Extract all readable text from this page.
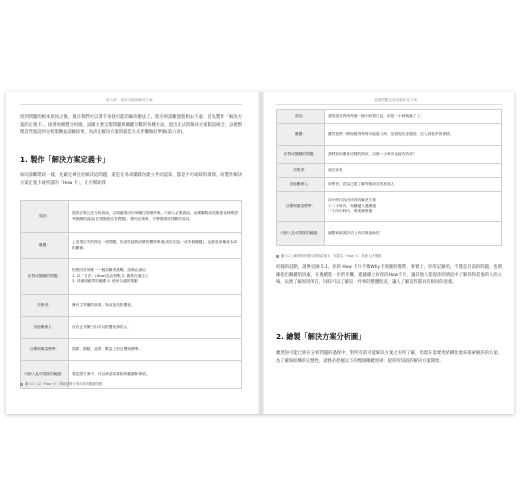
第五章：善用可能的解決方案
找到問題的根本原因之後，現在我們可以著手尋找可能的解決辦法了。程序與診斷過程相去不遠：首先製作「解決方案的定義卡」，接著再繪製分析圖，試圖主要呈現問題與關鍵分數的各種方法，提出正式的解決方案假設組合，以便整理這些假設的分析架構並試驗結果，為決定解決方案的最佳方式步驟做好準備(第六章)。
1. 製作「解決方案定義卡」
如同診斷階段一樣，先確定專注於解決這問題，還是在尋求團隊內建立共同認知，都是不可或缺的環節。而製作解決方案定義卡或所謂的「How 卡」，正可幫助我
現況：	提供必要且充分的資訊，以明確指出你所關注的哪些事。只納入必要資訊，這樣團隊成員無需花時間思考無關的資訊(在現階段沒有問題)，僅列出事實，不帶情緒或判斷性用詞。
難題：	上述現空中的特定一項問題，你卻你能夠改變的獨特事項(成於因為一或多個關鍵)，也就是某種成本或的關係。
針對或關鍵的問題：	你想回答的唯一一個診斷者挑戰。請務必滿足：
1. 以「方法」(How)為出發點 2. 聚焦在過去上
3. 具備明確界的範圍 4. 使用合適的措辭
決策者：	擁有主導權的事業，與直接受影響者。
其他關係人：	沒有正式權力但可以影響這事的人。
目標與衡量標準：	預算、期限、品質、數量上的目標與標準。
可納入及可排除的範圍：	要認證方案中，可以承諾或排除的範圍和事項。
圖 5.1 | 以「How 卡」開始展開方案或者的關鍵問題
善做問題並找出最佳化方案
現況：	我的朋友利用每個一個小時寫日記，但是一小時就滿了了。
難題：	雖然我們一開始覺得每時可能進入時，但我現在卻感到，沒入到很多的事情。
針對或關鍵的問題：	我們如何避免這樣的情況，以便一小時內也能有效率？
決策者：	朋友家長
其他關係人：	和學者，認為已經了解每個朋友的其他人
目標與衡量標準：	四小時內找出所有的解決方案
十二小時內，與關鍵人選溝通
二十四小時內，與業務實施
可納入及可排除的範圍：	調整和資源評估上有同事協助的
圖 5.2 | 範例的時間安排的結果卡，你要以「How 卡」來進入決策點
約翰的話動，請參見圖 5.1。你的 How 卡片不像Why卡那麼的實際，事實上，你所記錄的，不僅是目前的問題，也明確指出關鍵的因素，在後續進一步的步驟，建議確立好你的How卡片，讓其他人能從你的情況中了解你和其他的人的立場，以便了解原因所在，同時可以了解這一件事的整體狀況，讓人了解這些都具有相同的意義。
2. 繪製「解決方案分析圖」
雖然你可能已經在分析問題的過程中，對所有的可能解決方案之有所了解，但現在需要更結構化地來探索解決的方案。為了確保結構的完整性，請務必把握以下的幾個關鍵原則：從你所知道的解決方案開始。
